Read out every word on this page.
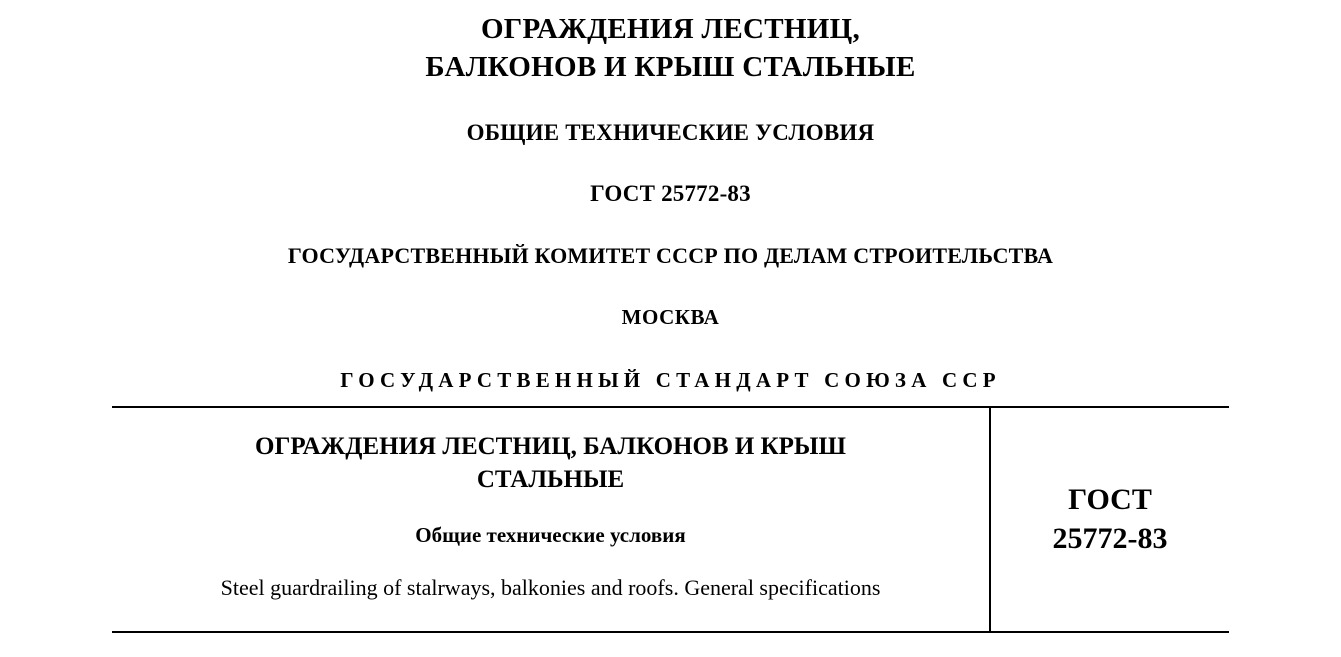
ОГРАЖДЕНИЯ ЛЕСТНИЦ,
БАЛКОНОВ И КРЫШ СТАЛЬНЫЕ
ОБЩИЕ ТЕХНИЧЕСКИЕ УСЛОВИЯ
ГОСТ 25772-83
ГОСУДАРСТВЕННЫЙ КОМИТЕТ СССР ПО ДЕЛАМ СТРОИТЕЛЬСТВА
МОСКВА
ГОСУДАРСТВЕННЫЙ СТАНДАРТ СОЮЗА ССР
ОГРАЖДЕНИЯ ЛЕСТНИЦ, БАЛКОНОВ И КРЫШ СТАЛЬНЫЕ
Общие технические условия
Steel guardrailing of stalrways, balkonies and roofs. General specifications
ГОСТ
25772-83
